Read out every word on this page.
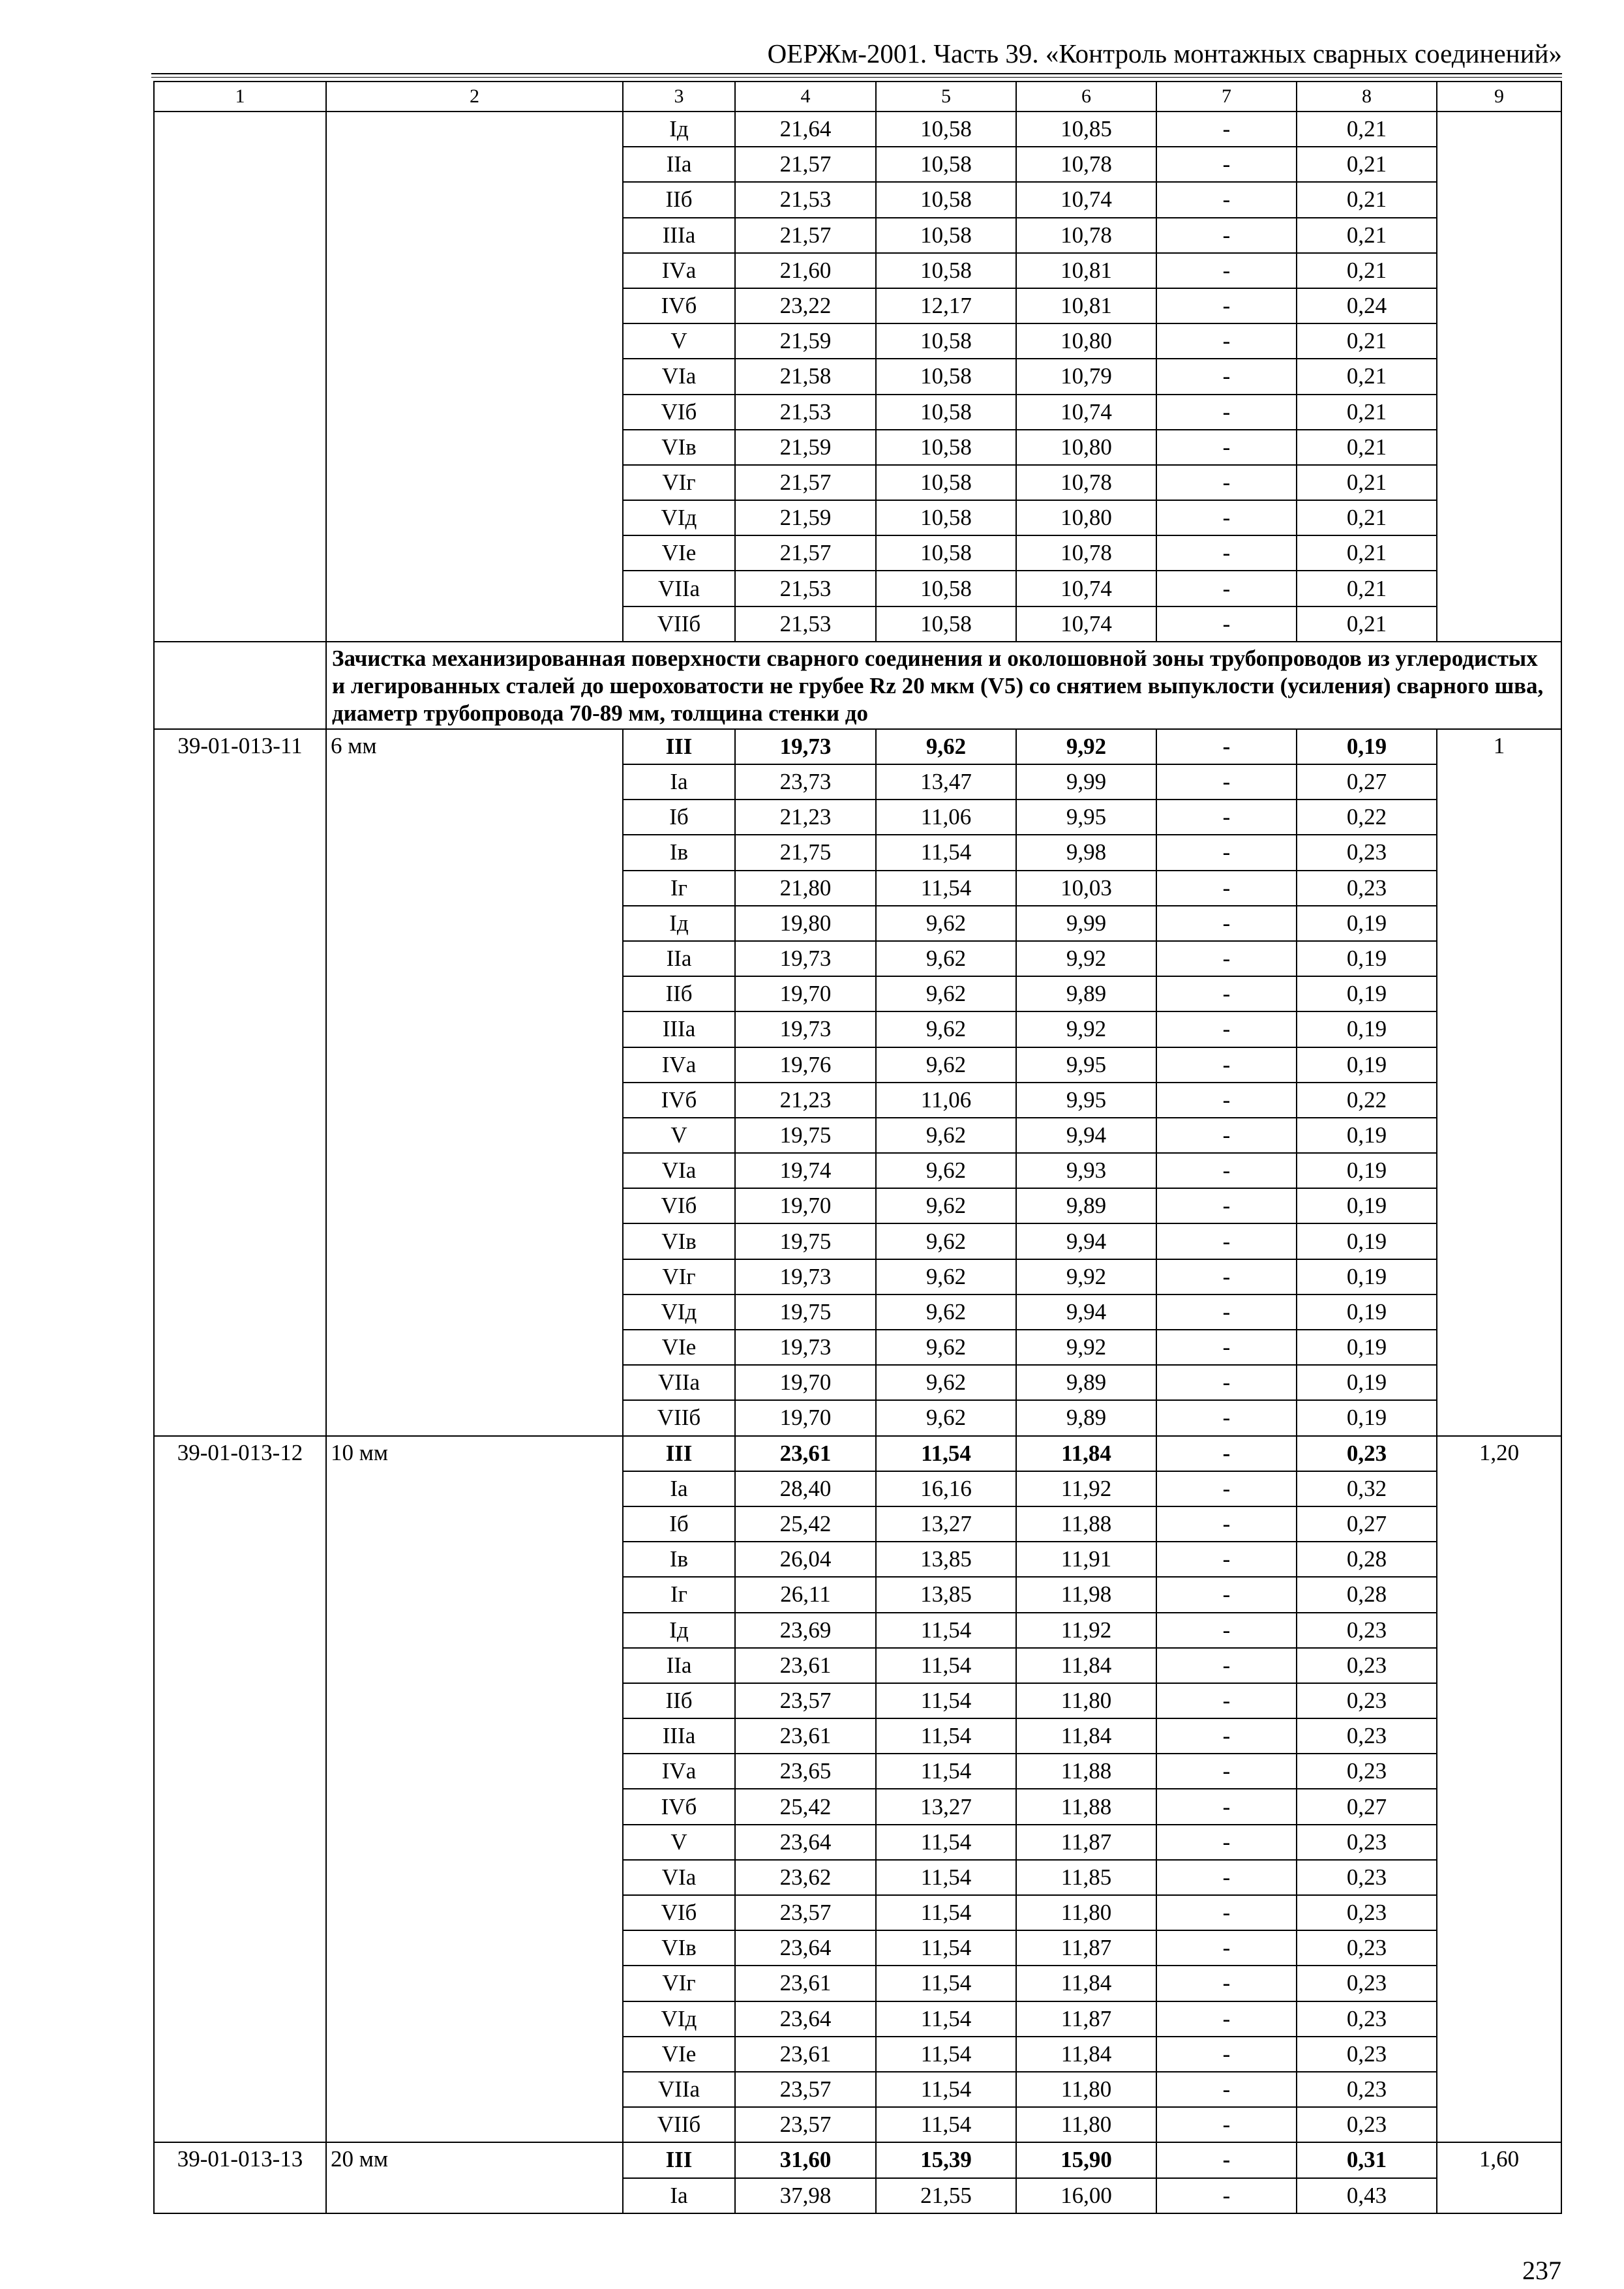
ОЕРЖм-2001. Часть 39. «Контроль монтажных сварных соединений»
1	2	3	4	5	6	7	8	9
		Iд	21,64	10,58	10,85	-	0,21	
		IIа	21,57	10,58	10,78	-	0,21	
		IIб	21,53	10,58	10,74	-	0,21	
		IIIа	21,57	10,58	10,78	-	0,21	
		IVа	21,60	10,58	10,81	-	0,21	
		IVб	23,22	12,17	10,81	-	0,24	
		V	21,59	10,58	10,80	-	0,21	
		VIа	21,58	10,58	10,79	-	0,21	
		VIб	21,53	10,58	10,74	-	0,21	
		VIв	21,59	10,58	10,80	-	0,21	
		VIг	21,57	10,58	10,78	-	0,21	
		VIд	21,59	10,58	10,80	-	0,21	
		VIе	21,57	10,58	10,78	-	0,21	
		VIIа	21,53	10,58	10,74	-	0,21	
		VIIб	21,53	10,58	10,74	-	0,21	
	Зачистка механизированная поверхности сварного соединения и околошовной зоны трубопроводов из углеродистых и легированных сталей до шероховатости не грубее Rz 20 мкм (V5) со снятием выпуклости (усиления) сварного шва, диаметр трубопровода 70-89 мм, толщина стенки до							
39-01-013-11	6 мм	III	19,73	9,62	9,92	-	0,19	1
		Iа	23,73	13,47	9,99	-	0,27	
		Iб	21,23	11,06	9,95	-	0,22	
		Iв	21,75	11,54	9,98	-	0,23	
		Iг	21,80	11,54	10,03	-	0,23	
		Iд	19,80	9,62	9,99	-	0,19	
		IIа	19,73	9,62	9,92	-	0,19	
		IIб	19,70	9,62	9,89	-	0,19	
		IIIа	19,73	9,62	9,92	-	0,19	
		IVа	19,76	9,62	9,95	-	0,19	
		IVб	21,23	11,06	9,95	-	0,22	
		V	19,75	9,62	9,94	-	0,19	
		VIа	19,74	9,62	9,93	-	0,19	
		VIб	19,70	9,62	9,89	-	0,19	
		VIв	19,75	9,62	9,94	-	0,19	
		VIг	19,73	9,62	9,92	-	0,19	
		VIд	19,75	9,62	9,94	-	0,19	
		VIе	19,73	9,62	9,92	-	0,19	
		VIIа	19,70	9,62	9,89	-	0,19	
		VIIб	19,70	9,62	9,89	-	0,19	
39-01-013-12	10 мм	III	23,61	11,54	11,84	-	0,23	1,20
		Iа	28,40	16,16	11,92	-	0,32	
		Iб	25,42	13,27	11,88	-	0,27	
		Iв	26,04	13,85	11,91	-	0,28	
		Iг	26,11	13,85	11,98	-	0,28	
		Iд	23,69	11,54	11,92	-	0,23	
		IIа	23,61	11,54	11,84	-	0,23	
		IIб	23,57	11,54	11,80	-	0,23	
		IIIа	23,61	11,54	11,84	-	0,23	
		IVа	23,65	11,54	11,88	-	0,23	
		IVб	25,42	13,27	11,88	-	0,27	
		V	23,64	11,54	11,87	-	0,23	
		VIа	23,62	11,54	11,85	-	0,23	
		VIб	23,57	11,54	11,80	-	0,23	
		VIв	23,64	11,54	11,87	-	0,23	
		VIг	23,61	11,54	11,84	-	0,23	
		VIд	23,64	11,54	11,87	-	0,23	
		VIе	23,61	11,54	11,84	-	0,23	
		VIIа	23,57	11,54	11,80	-	0,23	
		VIIб	23,57	11,54	11,80	-	0,23	
39-01-013-13	20 мм	III	31,60	15,39	15,90	-	0,31	1,60
		Iа	37,98	21,55	16,00	-	0,43	
237
